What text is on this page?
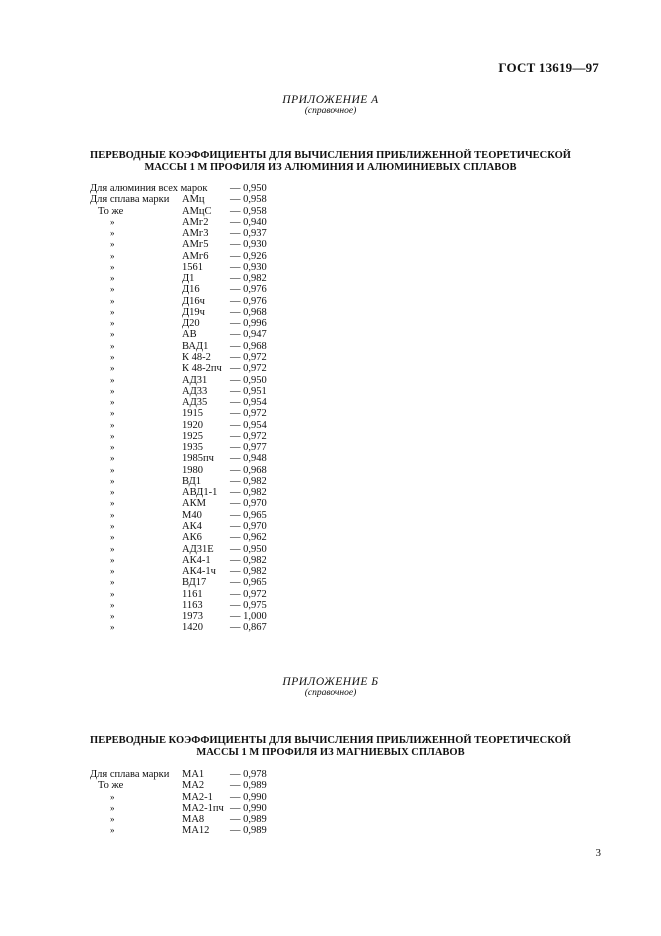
ГОСТ 13619—97
ПРИЛОЖЕНИЕ А
(справочное)
ПЕРЕВОДНЫЕ КОЭФФИЦИЕНТЫ ДЛЯ ВЫЧИСЛЕНИЯ ПРИБЛИЖЕННОЙ ТЕОРЕТИЧЕСКОЙ
МАССЫ 1 М ПРОФИЛЯ ИЗ АЛЮМИНИЯ И АЛЮМИНИЕВЫХ СПЛАВОВ
Для алюминия всех марок — 0,950
Для сплава марки АМц — 0,958
То же	АМцС — 0,958
»	АМг2 — 0,940
»	АМг3 — 0,937
»	АМг5 — 0,930
»	АМг6 — 0,926
»	1561	— 0,930
»	Д1	— 0,982
»	Д16	— 0,976
»	Д16ч — 0,976
»	Д19ч — 0,968
»	Д20	— 0,996
»	АВ	— 0,947
»	ВАД1 — 0,968
»	К 48-2 — 0,972
»	К 48-2пч — 0,972
»	АД31 — 0,950
»	АД33 — 0,951
»	АД35 — 0,954
»	1915	— 0,972
»	1920	— 0,954
»	1925	— 0,972
»	1935	— 0,977
»	1985пч — 0,948
»	1980	— 0,968
»	ВД1	— 0,982
»	АВД1-1 — 0,982
»	АКМ — 0,970
»	М40	— 0,965
»	АК4	— 0,970
»	АК6	— 0,962
»	АД31Е — 0,950
»	АК4-1 — 0,982
»	АК4-1ч — 0,982
»	ВД17 — 0,965
»	1161	— 0,972
»	1163	— 0,975
»	1973	— 1,000
»	1420	— 0,867
ПРИЛОЖЕНИЕ Б
(справочное)
ПЕРЕВОДНЫЕ КОЭФФИЦИЕНТЫ ДЛЯ ВЫЧИСЛЕНИЯ ПРИБЛИЖЕННОЙ ТЕОРЕТИЧЕСКОЙ
МАССЫ 1 М ПРОФИЛЯ ИЗ МАГНИЕВЫХ СПЛАВОВ
Для сплава марки МА1 — 0,978
То же	МА2 — 0,989
»	МА2-1 — 0,990
»	МА2-1пч — 0,990
»	МА8 — 0,989
»	МА12 — 0,989
3
